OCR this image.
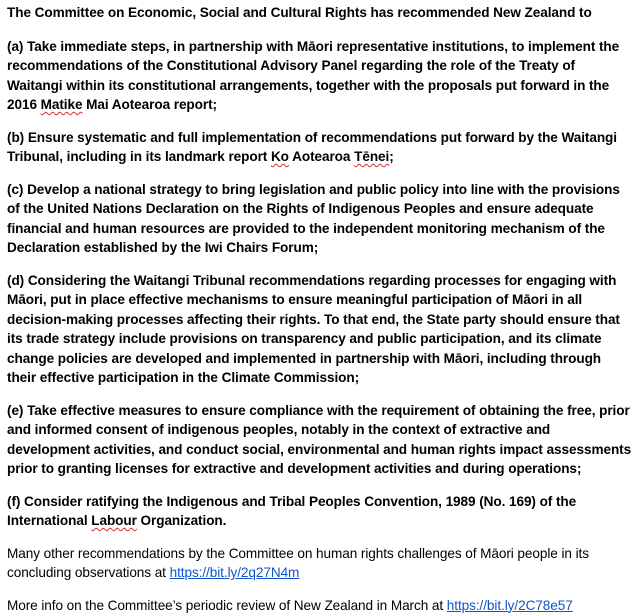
The Committee on Economic, Social and Cultural Rights has recommended New Zealand to

(a) Take immediate steps, in partnership with Māori representative institutions, to implement the recommendations of the Constitutional Advisory Panel regarding the role of the Treaty of Waitangi within its constitutional arrangements, together with the proposals put forward in the 2016 Matike Mai Aotearoa report;

(b) Ensure systematic and full implementation of recommendations put forward by the Waitangi Tribunal, including in its landmark report Ko Aotearoa Tēnei;

(c) Develop a national strategy to bring legislation and public policy into line with the provisions of the United Nations Declaration on the Rights of Indigenous Peoples and ensure adequate financial and human resources are provided to the independent monitoring mechanism of the Declaration established by the Iwi Chairs Forum;

(d) Considering the Waitangi Tribunal recommendations regarding processes for engaging with Māori, put in place effective mechanisms to ensure meaningful participation of Māori in all decision-making processes affecting their rights. To that end, the State party should ensure that its trade strategy include provisions on transparency and public participation, and its climate change policies are developed and implemented in partnership with Māori, including through their effective participation in the Climate Commission;

(e) Take effective measures to ensure compliance with the requirement of obtaining the free, prior and informed consent of indigenous peoples, notably in the context of extractive and development activities, and conduct social, environmental and human rights impact assessments prior to granting licenses for extractive and development activities and during operations;

(f) Consider ratifying the Indigenous and Tribal Peoples Convention, 1989 (No. 169) of the International Labour Organization.

Many other recommendations by the Committee on human rights challenges of Māori people in its concluding observations at https://bit.ly/2q27N4m

More info on the Committee’s periodic review of New Zealand in March at https://bit.ly/2C78e57
